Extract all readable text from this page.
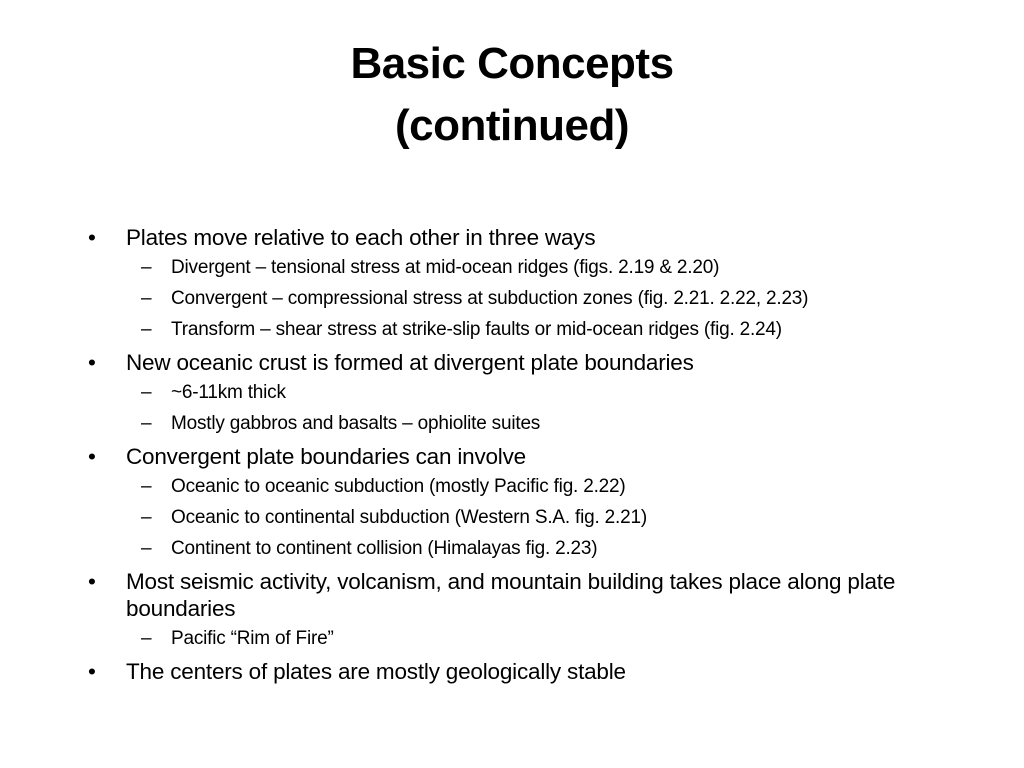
Basic Concepts
(continued)
•	Plates move relative to each other in three ways
– Divergent – tensional stress at mid-ocean ridges (figs. 2.19 & 2.20)
– Convergent – compressional stress at subduction zones (fig. 2.21. 2.22, 2.23)
– Transform – shear stress at strike-slip faults or mid-ocean ridges (fig. 2.24)
•	New oceanic crust is formed at divergent plate boundaries
– ~6-11km thick
– Mostly gabbros and basalts – ophiolite suites
•	Convergent plate boundaries can involve
– Oceanic to oceanic subduction (mostly Pacific fig. 2.22)
– Oceanic to continental subduction (Western S.A. fig. 2.21)
– Continent to continent collision (Himalayas fig. 2.23)
•	Most seismic activity, volcanism, and mountain building takes place along plate boundaries
– Pacific “Rim of Fire”
•	The centers of plates are mostly geologically stable
